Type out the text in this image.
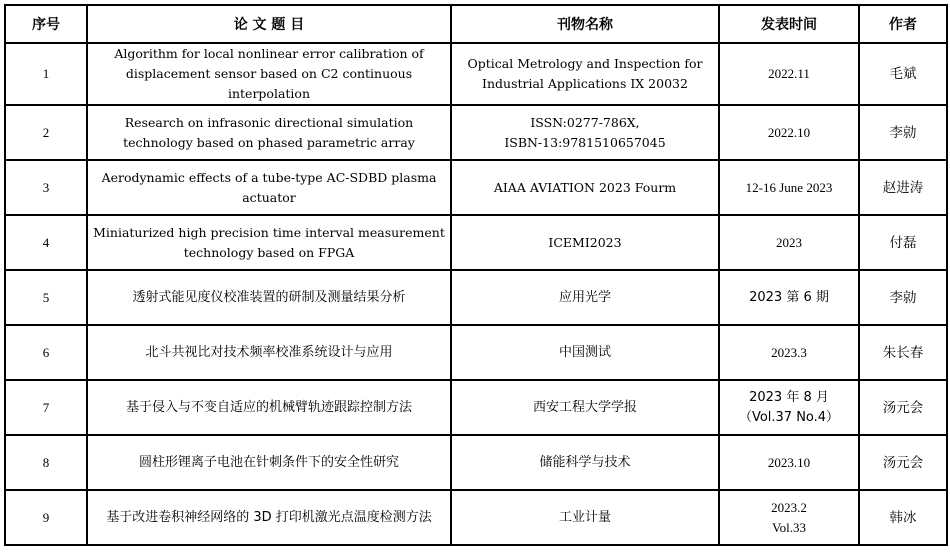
序号	论 文 题 目	刊物名称	发表时间	作者
1	Algorithm for local nonlinear error calibration of displacement sensor based on C2 continuous interpolation	Optical Metrology and Inspection for Industrial Applications IX 20032	2022.11	毛斌
2	Research on infrasonic directional simulation technology based on phased parametric array	ISSN:0277-786X,
ISBN-13:9781510657045	2022.10	李勍
3	Aerodynamic effects of a tube-type AC-SDBD plasma actuator	AIAA AVIATION 2023 Fourm	12-16 June 2023	赵进涛
4	Miniaturized high precision time interval measurement technology based on FPGA	ICEMI2023	2023	付磊
5	透射式能见度仪校准装置的研制及测量结果分析	应用光学	2023 第 6 期	李勍
6	北斗共视比对技术频率校准系统设计与应用	中国测试	2023.3	朱长春
7	基于侵入与不变自适应的机械臂轨迹跟踪控制方法	西安工程大学学报	2023 年 8 月
（Vol.37 No.4）	汤元会
8	圆柱形锂离子电池在针刺条件下的安全性研究	储能科学与技术	2023.10	汤元会
9	基于改进卷积神经网络的 3D 打印机激光点温度检测方法	工业计量	2023.2
Vol.33	韩冰
